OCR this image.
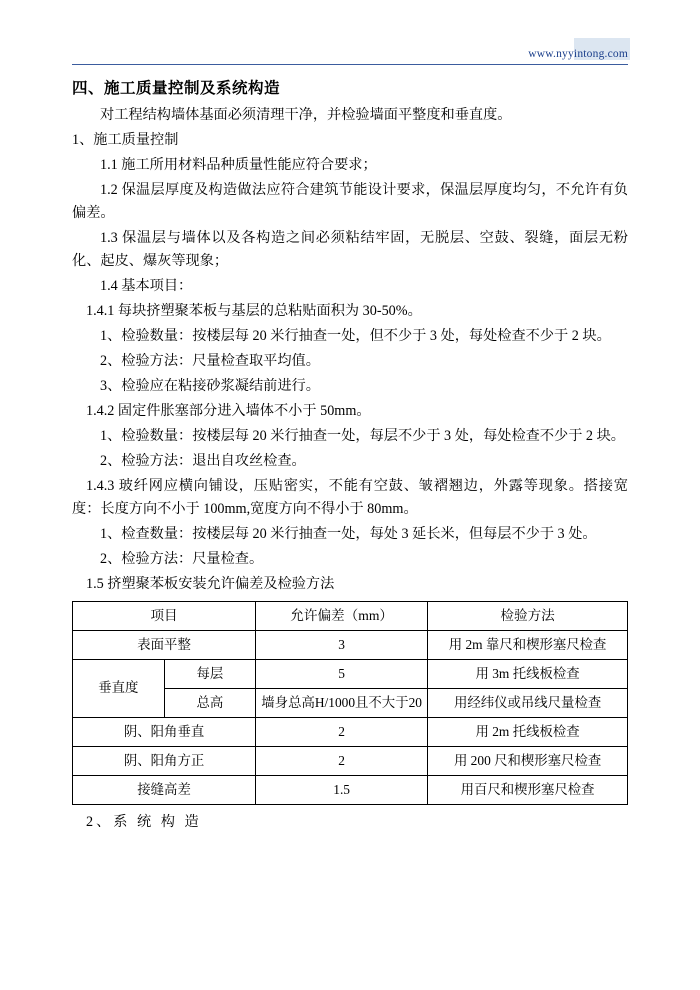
www.nyyintong.com
四、施工质量控制及系统构造

对工程结构墙体基面必须清理干净，并检验墙面平整度和垂直度。

1、施工质量控制

1.1 施工所用材料品种质量性能应符合要求；

1.2 保温层厚度及构造做法应符合建筑节能设计要求，保温层厚度均匀，不允许有负偏差。

1.3 保温层与墙体以及各构造之间必须粘结牢固，无脱层、空鼓、裂缝，面层无粉化、起皮、爆灰等现象；

1.4 基本项目：

1.4.1 每块挤塑聚苯板与基层的总粘贴面积为 30-50%。

1、检验数量：按楼层每 20 米行抽查一处，但不少于 3 处，每处检查不少于 2 块。

2、检验方法：尺量检查取平均值。

3、检验应在粘接砂浆凝结前进行。

1.4.2 固定件胀塞部分进入墙体不小于 50mm。

1、检验数量：按楼层每 20 米行抽查一处，每层不少于 3 处，每处检查不少于 2 块。

2、检验方法：退出自攻丝检查。

1.4.3 玻纤网应横向铺设，压贴密实，不能有空鼓、皱褶翘边，外露等现象。搭接宽度：长度方向不小于 100mm,宽度方向不得小于 80mm。

1、检查数量：按楼层每 20 米行抽查一处，每处 3 延长米，但每层不少于 3 处。

2、检验方法：尺量检查。

1.5 挤塑聚苯板安装允许偏差及检验方法

项目		允许偏差（mm）	检验方法
表面平整		3	用 2m 靠尺和楔形塞尺检查
垂直度	每层	5	用 3m 托线板检查
	总高	墙身总高H/1000且不大于20	用经纬仪或吊线尺量检查
阴、阳角垂直		2	用 2m 托线板检查
阴、阳角方正		2	用 200 尺和楔形塞尺检查
接缝高差		1.5	用百尺和楔形塞尺检查
2、系 统 构 造
